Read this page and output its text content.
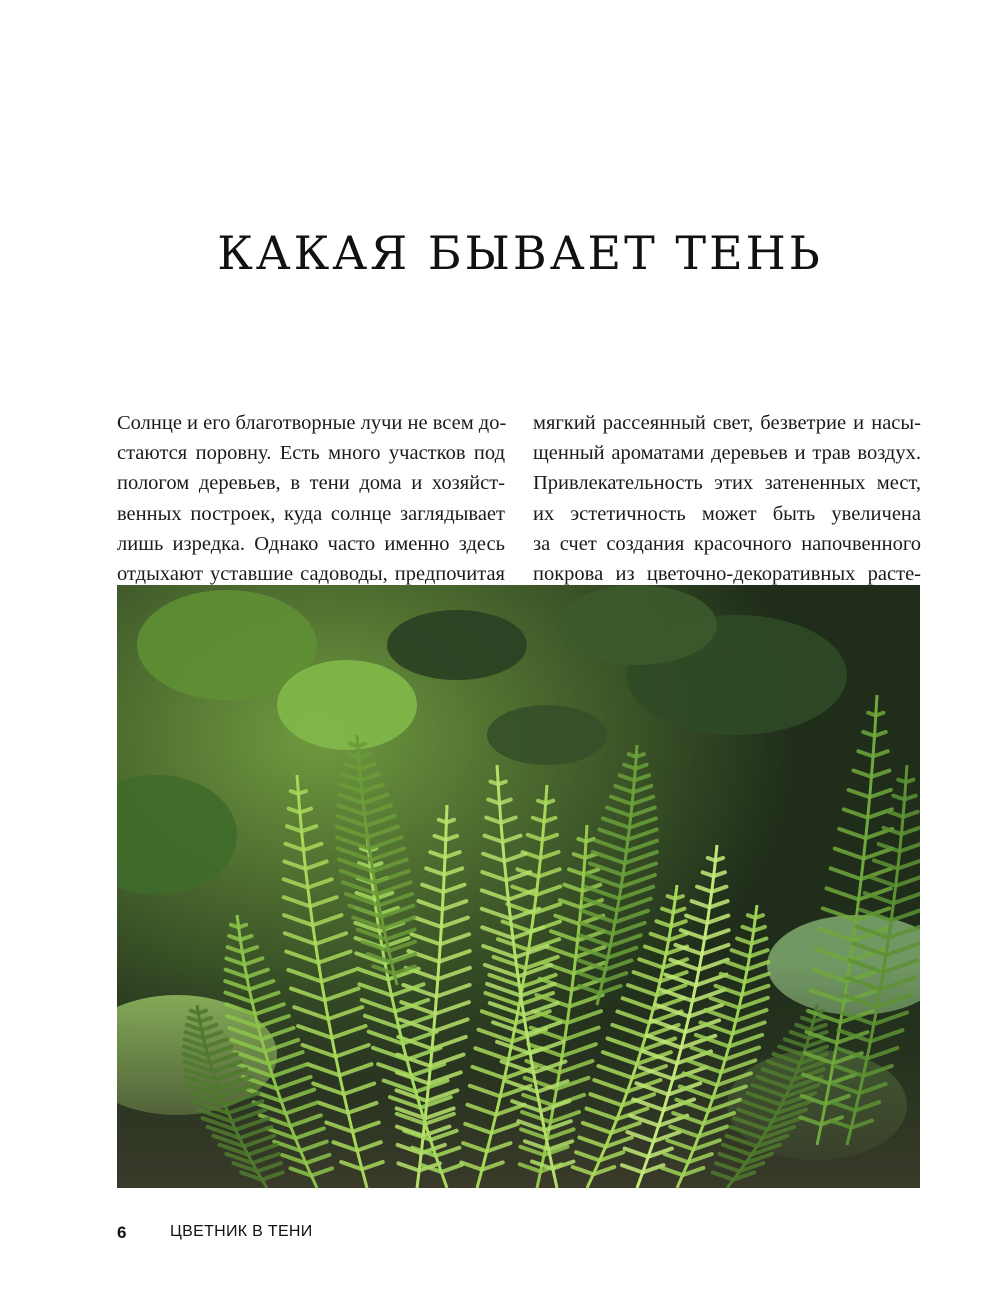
КАКАЯ БЫВАЕТ ТЕНЬ
Солнце и его благотворные лучи не всем до-
стаются поровну. Есть много участков под
пологом деревьев, в тени дома и хозяйст-
венных построек, куда солнце заглядывает
лишь изредка. Однако часто именно здесь
отдыхают уставшие садоводы, предпочитая
мягкий рассеянный свет, безветрие и насы-
щенный ароматами деревьев и трав воздух.
Привлекательность этих затененных мест,
их эстетичность может быть увеличена
за счет создания красочного напочвенного
покрова из цветочно-декоративных расте-
6	ЦВЕТНИК В ТЕНИ
